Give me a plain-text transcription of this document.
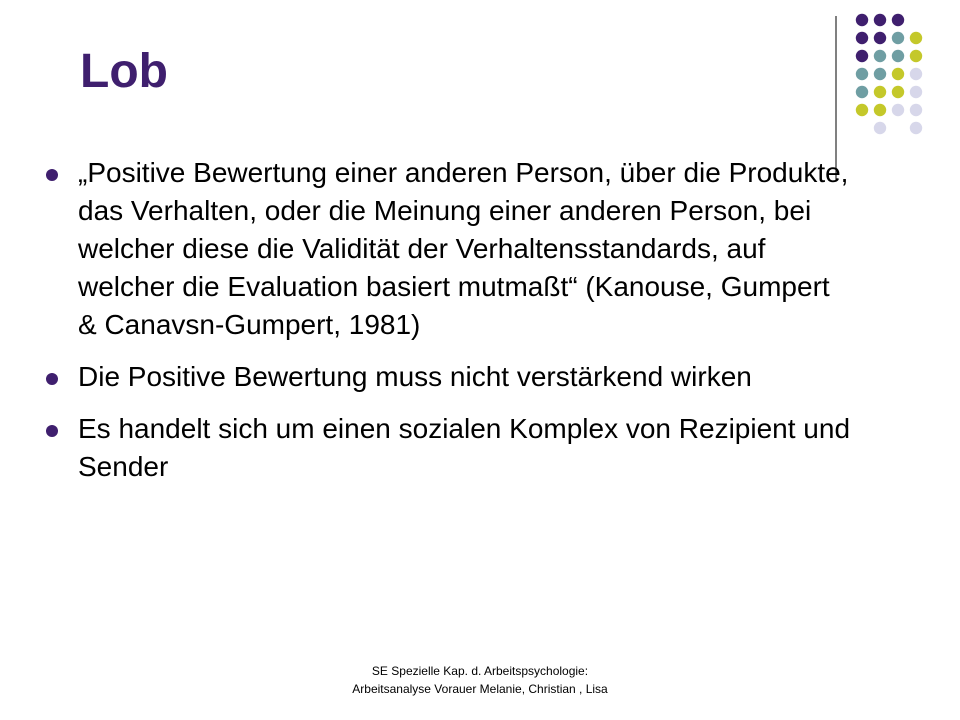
Lob
„Positive Bewertung einer anderen Person, über die Produkte, das Verhalten, oder die Meinung einer anderen Person, bei welcher diese die Validität der Verhaltensstandards, auf welcher die Evaluation basiert mutmaßt“ (Kanouse, Gumpert & Canavsn-Gumpert, 1981)
Die Positive Bewertung muss nicht verstärkend wirken
Es handelt sich um einen sozialen Komplex von Rezipient und Sender
SE Spezielle Kap. d. Arbeitspsychologie: Arbeitsanalyse Vorauer Melanie, Christian , Lisa
